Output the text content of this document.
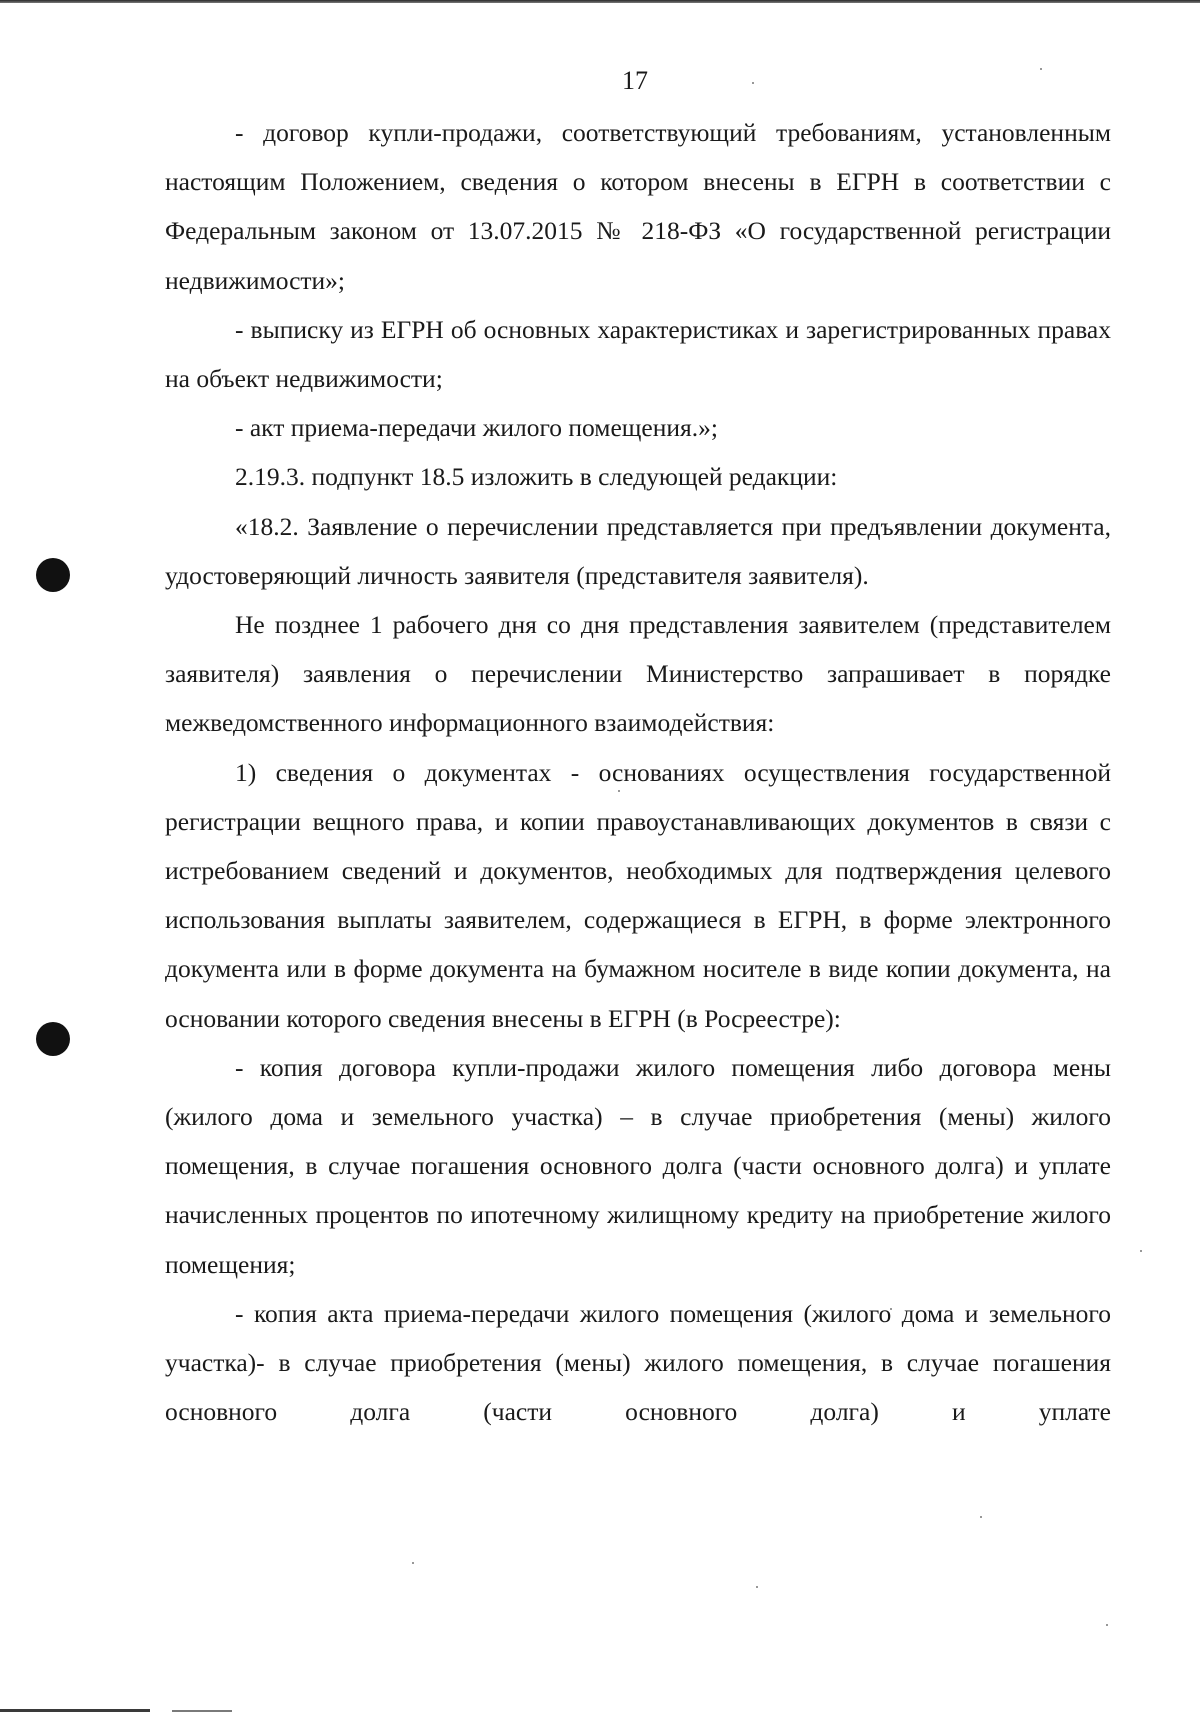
17

- договор купли-продажи, соответствующий требованиям, установленным настоящим Положением, сведения о котором внесены в ЕГРН в соответствии с Федеральным законом от 13.07.2015 № 218-ФЗ «О государственной регистрации недвижимости»;

- выписку из ЕГРН об основных характеристиках и зарегистрированных правах на объект недвижимости;

- акт приема-передачи жилого помещения.»;

2.19.3. подпункт 18.5 изложить в следующей редакции:

«18.2. Заявление о перечислении представляется при предъявлении документа, удостоверяющий личность заявителя (представителя заявителя).

Не позднее 1 рабочего дня со дня представления заявителем (представителем заявителя) заявления о перечислении Министерство запрашивает в порядке межведомственного информационного взаимодействия:

1) сведения о документах - основаниях осуществления государственной регистрации вещного права, и копии правоустанавливающих документов в связи с истребованием сведений и документов, необходимых для подтверждения целевого использования выплаты заявителем, содержащиеся в ЕГРН, в форме электронного документа или в форме документа на бумажном носителе в виде копии документа, на основании которого сведения внесены в ЕГРН (в Росреестре):

- копия договора купли-продажи жилого помещения либо договора мены (жилого дома и земельного участка) – в случае приобретения (мены) жилого помещения, в случае погашения основного долга (части основного долга) и уплате начисленных процентов по ипотечному жилищному кредиту на приобретение жилого помещения;

- копия акта приема-передачи жилого помещения (жилого дома и земельного участка)- в случае приобретения (мены) жилого помещения, в случае погашения основного долга (части основного долга) и уплате
